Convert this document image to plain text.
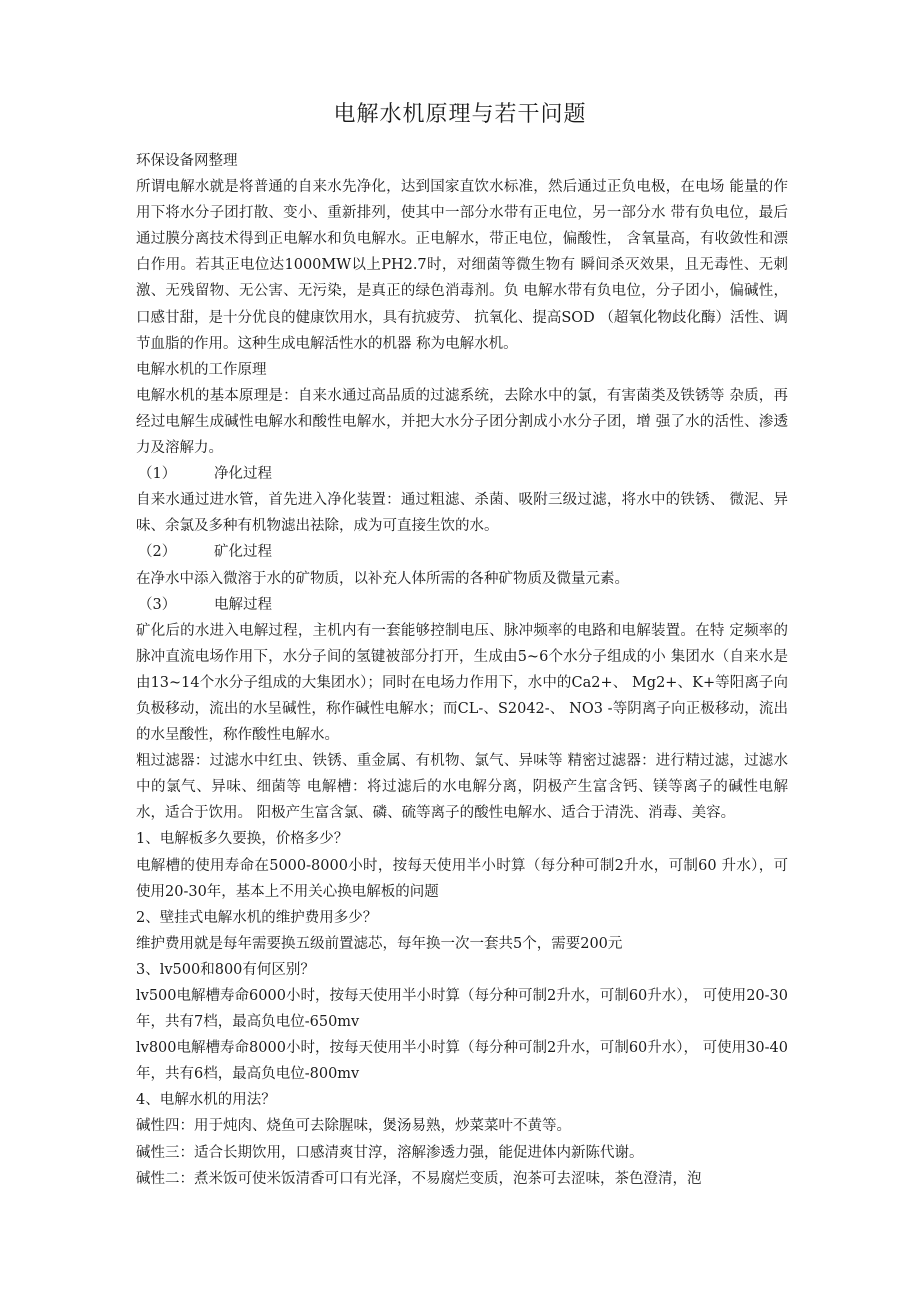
电解水机原理与若干问题

环保设备网整理

所谓电解水就是将普通的自来水先净化，达到国家直饮水标准，然后通过正负电极，在电场 能量的作用下将水分子团打散、变小、重新排列，使其中一部分水带有正电位，另一部分水 带有负电位，最后通过膜分离技术得到正电解水和负电解水。正电解水，带正电位，偏酸性， 含氧量高，有收敛性和漂白作用。若其正电位达1000MW以上PH2.7时，对细菌等微生物有 瞬间杀灭效果，且无毒性、无刺激、无残留物、无公害、无污染，是真正的绿色消毒剂。负 电解水带有负电位，分子团小，偏碱性，口感甘甜，是十分优良的健康饮用水，具有抗疲劳、 抗氧化、提高SOD （超氧化物歧化酶）活性、调节血脂的作用。这种生成电解活性水的机器 称为电解水机。

电解水机的工作原理

电解水机的基本原理是：自来水通过高品质的过滤系统，去除水中的氯，有害菌类及铁锈等 杂质，再经过电解生成碱性电解水和酸性电解水，并把大水分子团分割成小水分子团，增 强了水的活性、渗透力及溶解力。

（1）	净化过程

自来水通过进水管，首先进入净化装置：通过粗滤、杀菌、吸附三级过滤，将水中的铁锈、 微泥、异味、余氯及多种有机物滤出祛除，成为可直接生饮的水。

（2）	矿化过程

在净水中添入微溶于水的矿物质，以补充人体所需的各种矿物质及微量元素。

（3）	电解过程

矿化后的水进入电解过程，主机内有一套能够控制电压、脉冲频率的电路和电解装置。在特 定频率的脉冲直流电场作用下，水分子间的氢键被部分打开，生成由5~6个水分子组成的小 集团水（自来水是由13~14个水分子组成的大集团水）；同时在电场力作用下，水中的Ca2+、 Mg2+、K+等阳离子向负极移动，流出的水呈碱性，称作碱性电解水；而CL-、S2042-、 NO3 -等阴离子向正极移动，流出的水呈酸性，称作酸性电解水。

粗过滤器：过滤水中红虫、铁锈、重金属、有机物、氯气、异味等 精密过滤器：进行精过滤，过滤水中的氯气、异味、细菌等 电解槽：将过滤后的水电解分离，阴极产生富含钙、镁等离子的碱性电解水，适合于饮用。 阳极产生富含氯、磷、硫等离子的酸性电解水、适合于清洗、消毒、美容。

1、电解板多久要换，价格多少？

电解槽的使用寿命在5000-8000小时，按每天使用半小时算（每分种可制2升水，可制60 升水），可使用20-30年，基本上不用关心换电解板的问题

2、壁挂式电解水机的维护费用多少？

维护费用就是每年需要换五级前置滤芯，每年换一次一套共5个，需要200元

3、lv500和800有何区别？

lv500电解槽寿命6000小时，按每天使用半小时算（每分种可制2升水，可制60升水）， 可使用20-30年，共有7档，最高负电位-650mv

lv800电解槽寿命8000小时，按每天使用半小时算（每分种可制2升水，可制60升水）， 可使用30-40年，共有6档，最高负电位-800mv

4、电解水机的用法？

碱性四：用于炖肉、烧鱼可去除腥味，煲汤易熟，炒菜菜叶不黄等。

碱性三：适合长期饮用，口感清爽甘淳，溶解渗透力强，能促进体内新陈代谢。

碱性二：煮米饭可使米饭清香可口有光泽，不易腐烂变质，泡茶可去涩味，茶色澄清，泡
